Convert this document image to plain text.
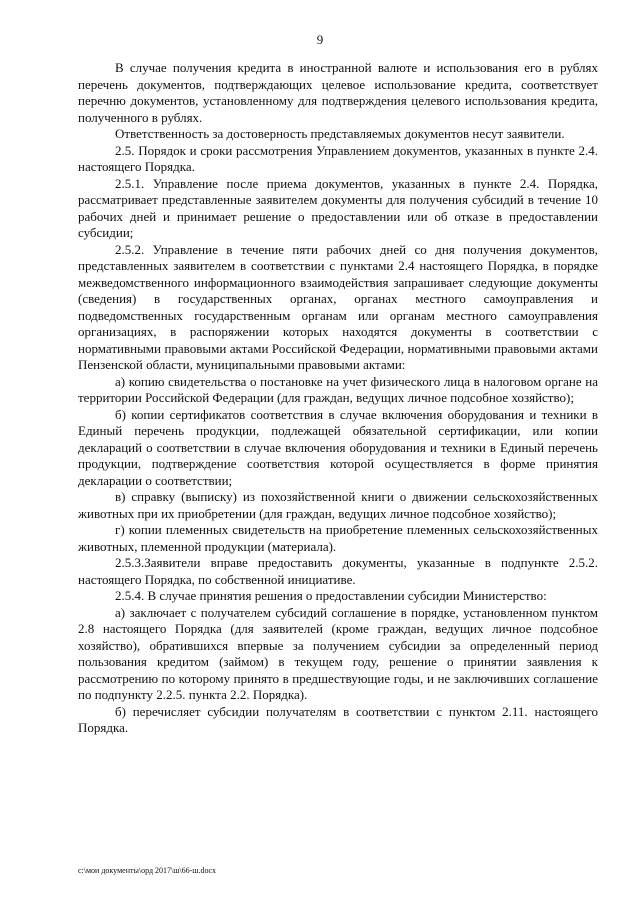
9

В случае получения кредита в иностранной валюте и использования его в рублях перечень документов, подтверждающих целевое использование кредита, соответствует перечню документов, установленному для подтверждения целевого использования кредита, полученного в рублях.

Ответственность за достоверность представляемых документов несут заявители.

2.5. Порядок и сроки рассмотрения Управлением документов, указанных в пункте 2.4. настоящего Порядка.

2.5.1. Управление после приема документов, указанных в пункте 2.4. Порядка, рассматривает представленные заявителем документы для получения субсидий в течение 10 рабочих дней и принимает решение о предоставлении или об отказе в предоставлении субсидии;

2.5.2. Управление в течение пяти рабочих дней со дня получения документов, представленных заявителем в соответствии с пунктами 2.4 настоящего Порядка, в порядке межведомственного информационного взаимодействия запрашивает следующие документы (сведения) в государственных органах, органах местного самоуправления и подведомственных государственным органам или органам местного самоуправления организациях, в распоряжении которых находятся документы в соответствии с нормативными правовыми актами Российской Федерации, нормативными правовыми актами Пензенской области, муниципальными правовыми актами:

а) копию свидетельства о постановке на учет физического лица в налоговом органе на территории Российской Федерации (для граждан, ведущих личное подсобное хозяйство);

б) копии сертификатов соответствия в случае включения оборудования и техники в Единый перечень продукции, подлежащей обязательной сертификации, или копии деклараций о соответствии в случае включения оборудования и техники в Единый перечень продукции, подтверждение соответствия которой осуществляется в форме принятия декларации о соответствии;

в) справку (выписку) из похозяйственной книги о движении сельскохозяйственных животных при их приобретении (для граждан, ведущих личное подсобное хозяйство);

г) копии племенных свидетельств на приобретение племенных сельскохозяйственных животных, племенной продукции (материала).

2.5.3.Заявители вправе предоставить документы, указанные в подпункте 2.5.2. настоящего Порядка, по собственной инициативе.

2.5.4. В случае принятия решения о предоставлении субсидии Министерство:

а) заключает с получателем субсидий соглашение в порядке, установленном пунктом 2.8 настоящего Порядка (для заявителей (кроме граждан, ведущих личное подсобное хозяйство), обратившихся впервые за получением субсидии за определенный период пользования кредитом (займом) в текущем году, решение о принятии заявления к рассмотрению по которому принято в предшествующие годы, и не заключивших соглашение по подпункту 2.2.5. пункта 2.2. Порядка).

б) перечисляет субсидии получателям в соответствии с пунктом 2.11. настоящего Порядка.

c:\мои документы\орд 2017\ш\66-ш.docx
